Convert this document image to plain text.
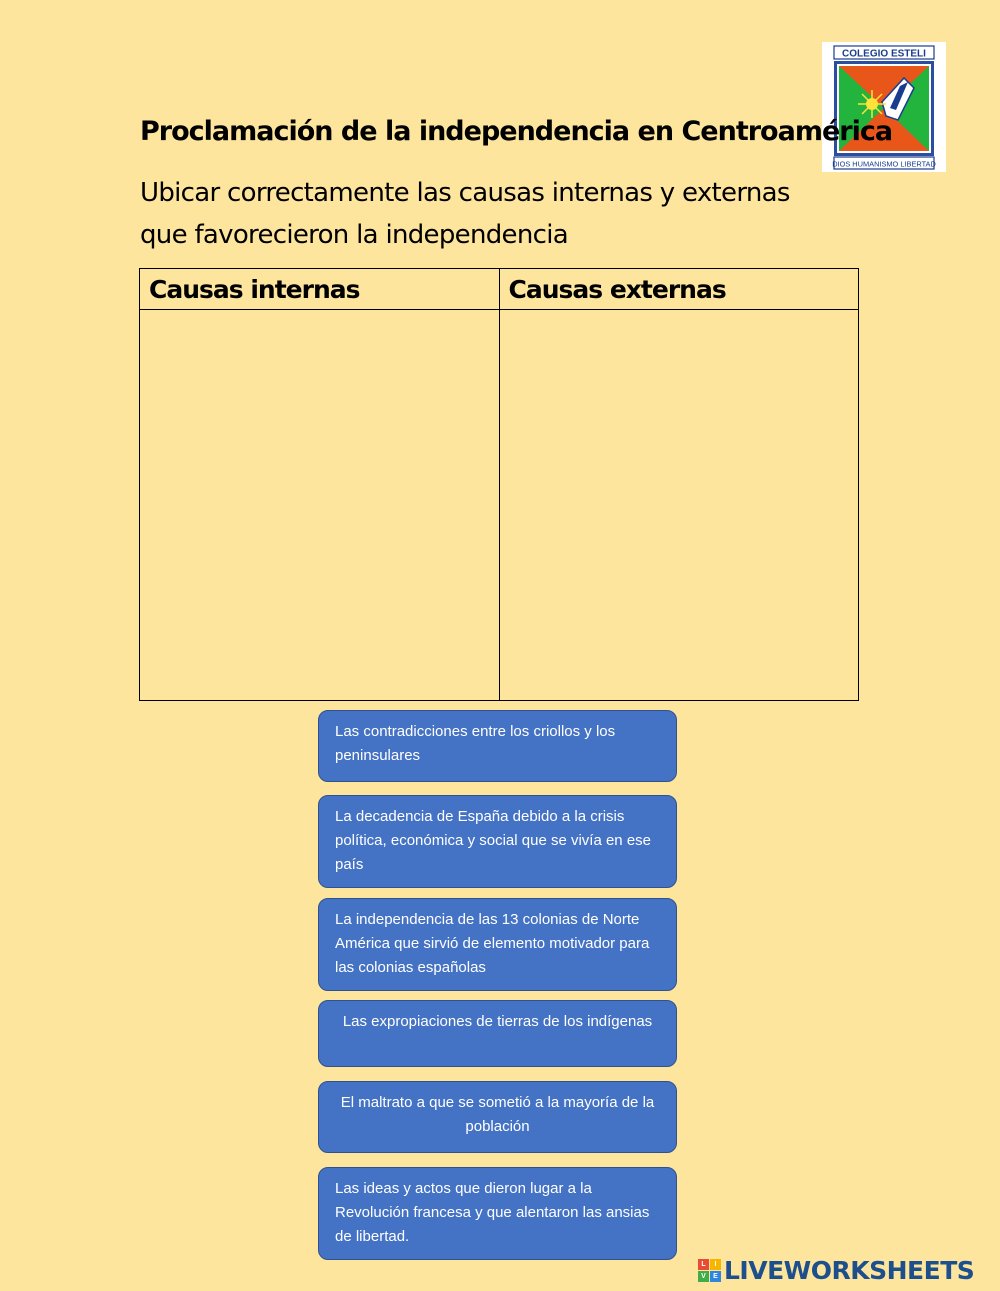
COLEGIO ESTELI
DIOS HUMANISMO LIBERTAD
Proclamación de la independencia en Centroamérica

Ubicar correctamente las causas internas y externas que favorecieron la independencia

Causas internas	Causas externas

Las contradicciones entre los criollos y los peninsulares
La decadencia de España debido a la crisis política, económica y social que se vivía en ese país
La independencia de las 13 colonias de Norte América que sirvió de elemento motivador para las colonias españolas
Las expropiaciones de tierras de los indígenas
El maltrato a que se sometió a la mayoría de la población
Las ideas y actos que dieron lugar a la Revolución francesa y que alentaron las ansias de libertad.
L	I
V	E LIVEWORKSHEETS
